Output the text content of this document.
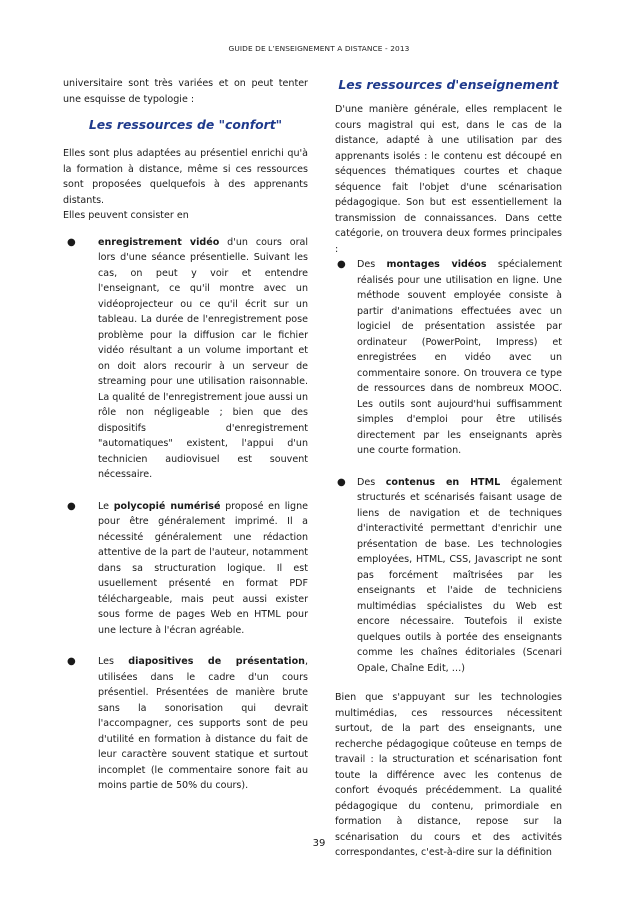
GUIDE DE L’ENSEIGNEMENT A DISTANCE - 2013

universitaire sont très variées et on peut tenter une esquisse de typologie :

Les ressources de "confort"

Elles sont plus adaptées au présentiel enrichi qu'à la formation à distance, même si ces ressources sont proposées quelquefois à des apprenants distants.

Elles peuvent consister en

● enregistrement vidéo d'un cours oral lors d'une séance présentielle. Suivant les cas, on peut y voir et entendre l'enseignant, ce qu'il montre avec un vidéoprojecteur ou ce qu'il écrit sur un tableau. La durée de l'enregistrement pose problème pour la diffusion car le fichier vidéo résultant a un volume important et on doit alors recourir à un serveur de streaming pour une utilisation raisonnable. La qualité de l'enregistrement joue aussi un rôle non négligeable ; bien que des dispositifs d'enregistrement "automatiques" existent, l'appui d'un technicien audiovisuel est souvent nécessaire.
● Le polycopié numérisé proposé en ligne pour être généralement imprimé. Il a nécessité généralement une rédaction attentive de la part de l'auteur, notamment dans sa structuration logique. Il est usuellement présenté en format PDF téléchargeable, mais peut aussi exister sous forme de pages Web en HTML pour une lecture à l'écran agréable.
● Les diapositives de présentation, utilisées dans le cadre d'un cours présentiel. Présentées de manière brute sans la sonorisation qui devrait l'accompagner, ces supports sont de peu d'utilité en formation à distance du fait de leur caractère souvent statique et surtout incomplet (le commentaire sonore fait au moins partie de 50% du cours).
Les ressources d'enseignement

D'une manière générale, elles remplacent le cours magistral qui est, dans le cas de la distance, adapté à une utilisation par des apprenants isolés : le contenu est découpé en séquences thématiques courtes et chaque séquence fait l'objet d'une scénarisation pédagogique. Son but est essentiellement la transmission de connaissances. Dans cette catégorie, on trouvera deux formes principales :

● Des montages vidéos spécialement réalisés pour une utilisation en ligne. Une méthode souvent employée consiste à partir d'animations effectuées avec un logiciel de présentation assistée par ordinateur (PowerPoint, Impress) et enregistrées en vidéo avec un commentaire sonore. On trouvera ce type de ressources dans de nombreux MOOC. Les outils sont aujourd'hui suffisamment simples d'emploi pour être utilisés directement par les enseignants après une courte formation.
● Des contenus en HTML également structurés et scénarisés faisant usage de liens de navigation et de techniques d'interactivité permettant d'enrichir une présentation de base. Les technologies employées, HTML, CSS, Javascript ne sont pas forcément maîtrisées par les enseignants et l'aide de techniciens multimédias spécialistes du Web est encore nécessaire. Toutefois il existe quelques outils à portée des enseignants comme les chaînes éditoriales (Scenari Opale, Chaîne Edit, …)

Bien que s'appuyant sur les technologies multimédias, ces ressources nécessitent surtout, de la part des enseignants, une recherche pédagogique coûteuse en temps de travail : la structuration et scénarisation font toute la différence avec les contenus de confort évoqués précédemment. La qualité pédagogique du contenu, primordiale en formation à distance, repose sur la scénarisation du cours et des activités correspondantes, c'est-à-dire sur la définition

39
